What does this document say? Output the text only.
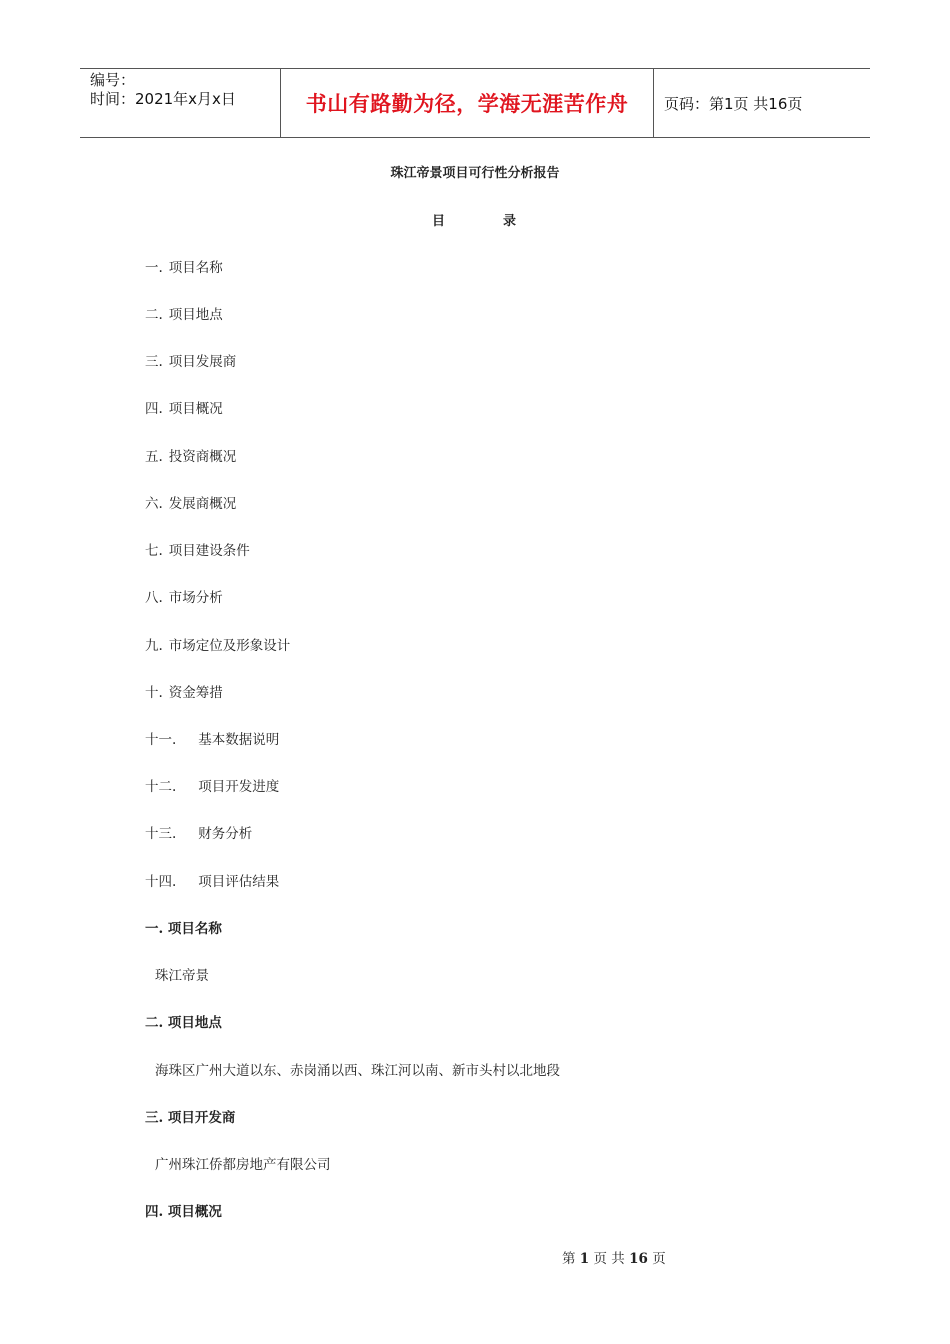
编号：
时间：2021年x月x日	书山有路勤为径，学海无涯苦作舟	页码：第1页 共16页
珠江帝景项目可行性分析报告
目	录
一. 项目名称
二. 项目地点
三. 项目发展商
四. 项目概况
五. 投资商概况
六. 发展商概况
七. 项目建设条件
八. 市场分析
九. 市场定位及形象设计
十. 资金筹措
十一. 基本数据说明
十二. 项目开发进度
十三. 财务分析
十四. 项目评估结果
一. 项目名称
珠江帝景
二. 项目地点
海珠区广州大道以东、赤岗涌以西、珠江河以南、新市头村以北地段
三. 项目开发商
广州珠江侨都房地产有限公司
四. 项目概况
第 1 页 共 16 页
